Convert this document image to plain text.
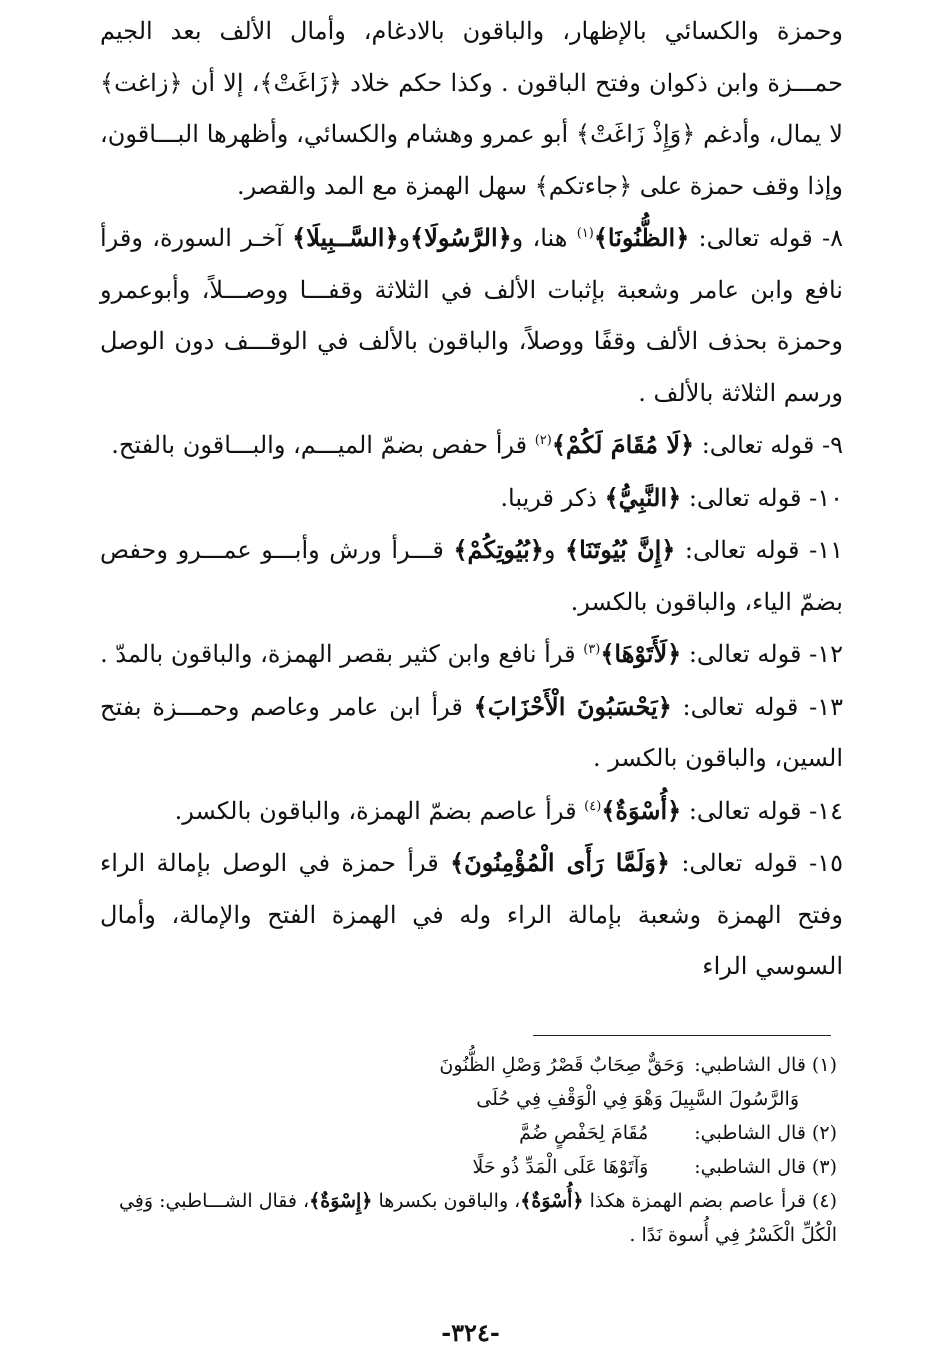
وحمزة والكسائي بالإظهار، والباقون بالادغام، وأمال الألف بعد الجيم حمـــزة وابن ذكوان وفتح الباقون . وكذا حكم خلاد ﴿زَاغَتْ﴾، إلا أن ﴿زاغت﴾ لا يمال، وأدغم ﴿وَإِذْ زَاغَتْ﴾ أبو عمرو وهشام والكسائي، وأظهرها البـــاقون، وإذا وقف حمزة على ﴿جاءتكم﴾ سهل الهمزة مع المد والقصر.

٨- قوله تعالى: ﴿الظُّنُونَا﴾$^{(١)}$ هنا، و﴿الرَّسُولَا﴾و﴿السَّــبِيلَا﴾ آخـر السورة، وقرأ نافع وابن عامر وشعبة بإثبات الألف في الثلاثة وقفـــا ووصـــلاً، وأبوعمرو وحمزة بحذف الألف وقفًا ووصلاً، والباقون بالألف في الوقـــف دون الوصل ورسم الثلاثة بالألف .

٩- قوله تعالى: ﴿لَا مُقَامَ لَكُمْ﴾$^{(٢)}$ قرأ حفص بضمّ الميـــم، والبـــاقون بالفتح.

١٠- قوله تعالى: ﴿النَّبِيُّ﴾ ذكر قريبا.

١١- قوله تعالى: ﴿إِنَّ بُيُوتَنَا﴾ و﴿بُيُوتِكُمْ﴾ قـــرأ ورش وأبـــو عمـــرو وحفص بضمّ الياء، والباقون بالكسر.

١٢- قوله تعالى: ﴿لَأَتَوْهَا﴾$^{(٣)}$ قرأ نافع وابن كثير بقصر الهمزة، والباقون بالمدّ .

١٣- قوله تعالى: ﴿يَحْسَبُونَ الْأَحْزَابَ﴾ قرأ ابن عامر وعاصم وحمـــزة بفتح السين، والباقون بالكسر .

١٤- قوله تعالى: ﴿أُسْوَةٌ﴾$^{(٤)}$ قرأ عاصم بضمّ الهمزة، والباقون بالكسر.

١٥- قوله تعالى: ﴿وَلَمَّا رَأَى الْمُؤْمِنُونَ﴾ قرأ حمزة في الوصل بإمالة الراء وفتح الهمزة وشعبة بإمالة الراء وله في الهمزة الفتح والإمالة، وأمال السوسي الراء

(١) قال الشاطبي:وَحَقٌّ صِحَابٌ قَصْرُ وَصْلِ الظُّنُونَوَالرَّسُولَ السَّبِيلَ وَهْوَ فِي الْوَقْفِ فِي حُلَى

(٢) قال الشاطبي:مُقَامَ لِحَفْصٍ ضُمَّ

(٣) قال الشاطبي:وَآتَوْهَا عَلَى الْمَدِّ ذُو حَلًا

(٤) قرأ عاصم بضم الهمزة هكذا ﴿أُسْوَةٌ﴾، والباقون بكسرها ﴿إِسْوَةٌ﴾، فقال الشـــاطبي: وَفِي الْكُلِّ الْكَسْرُ فِي أُسوة نَدًا .

-٣٢٤-
